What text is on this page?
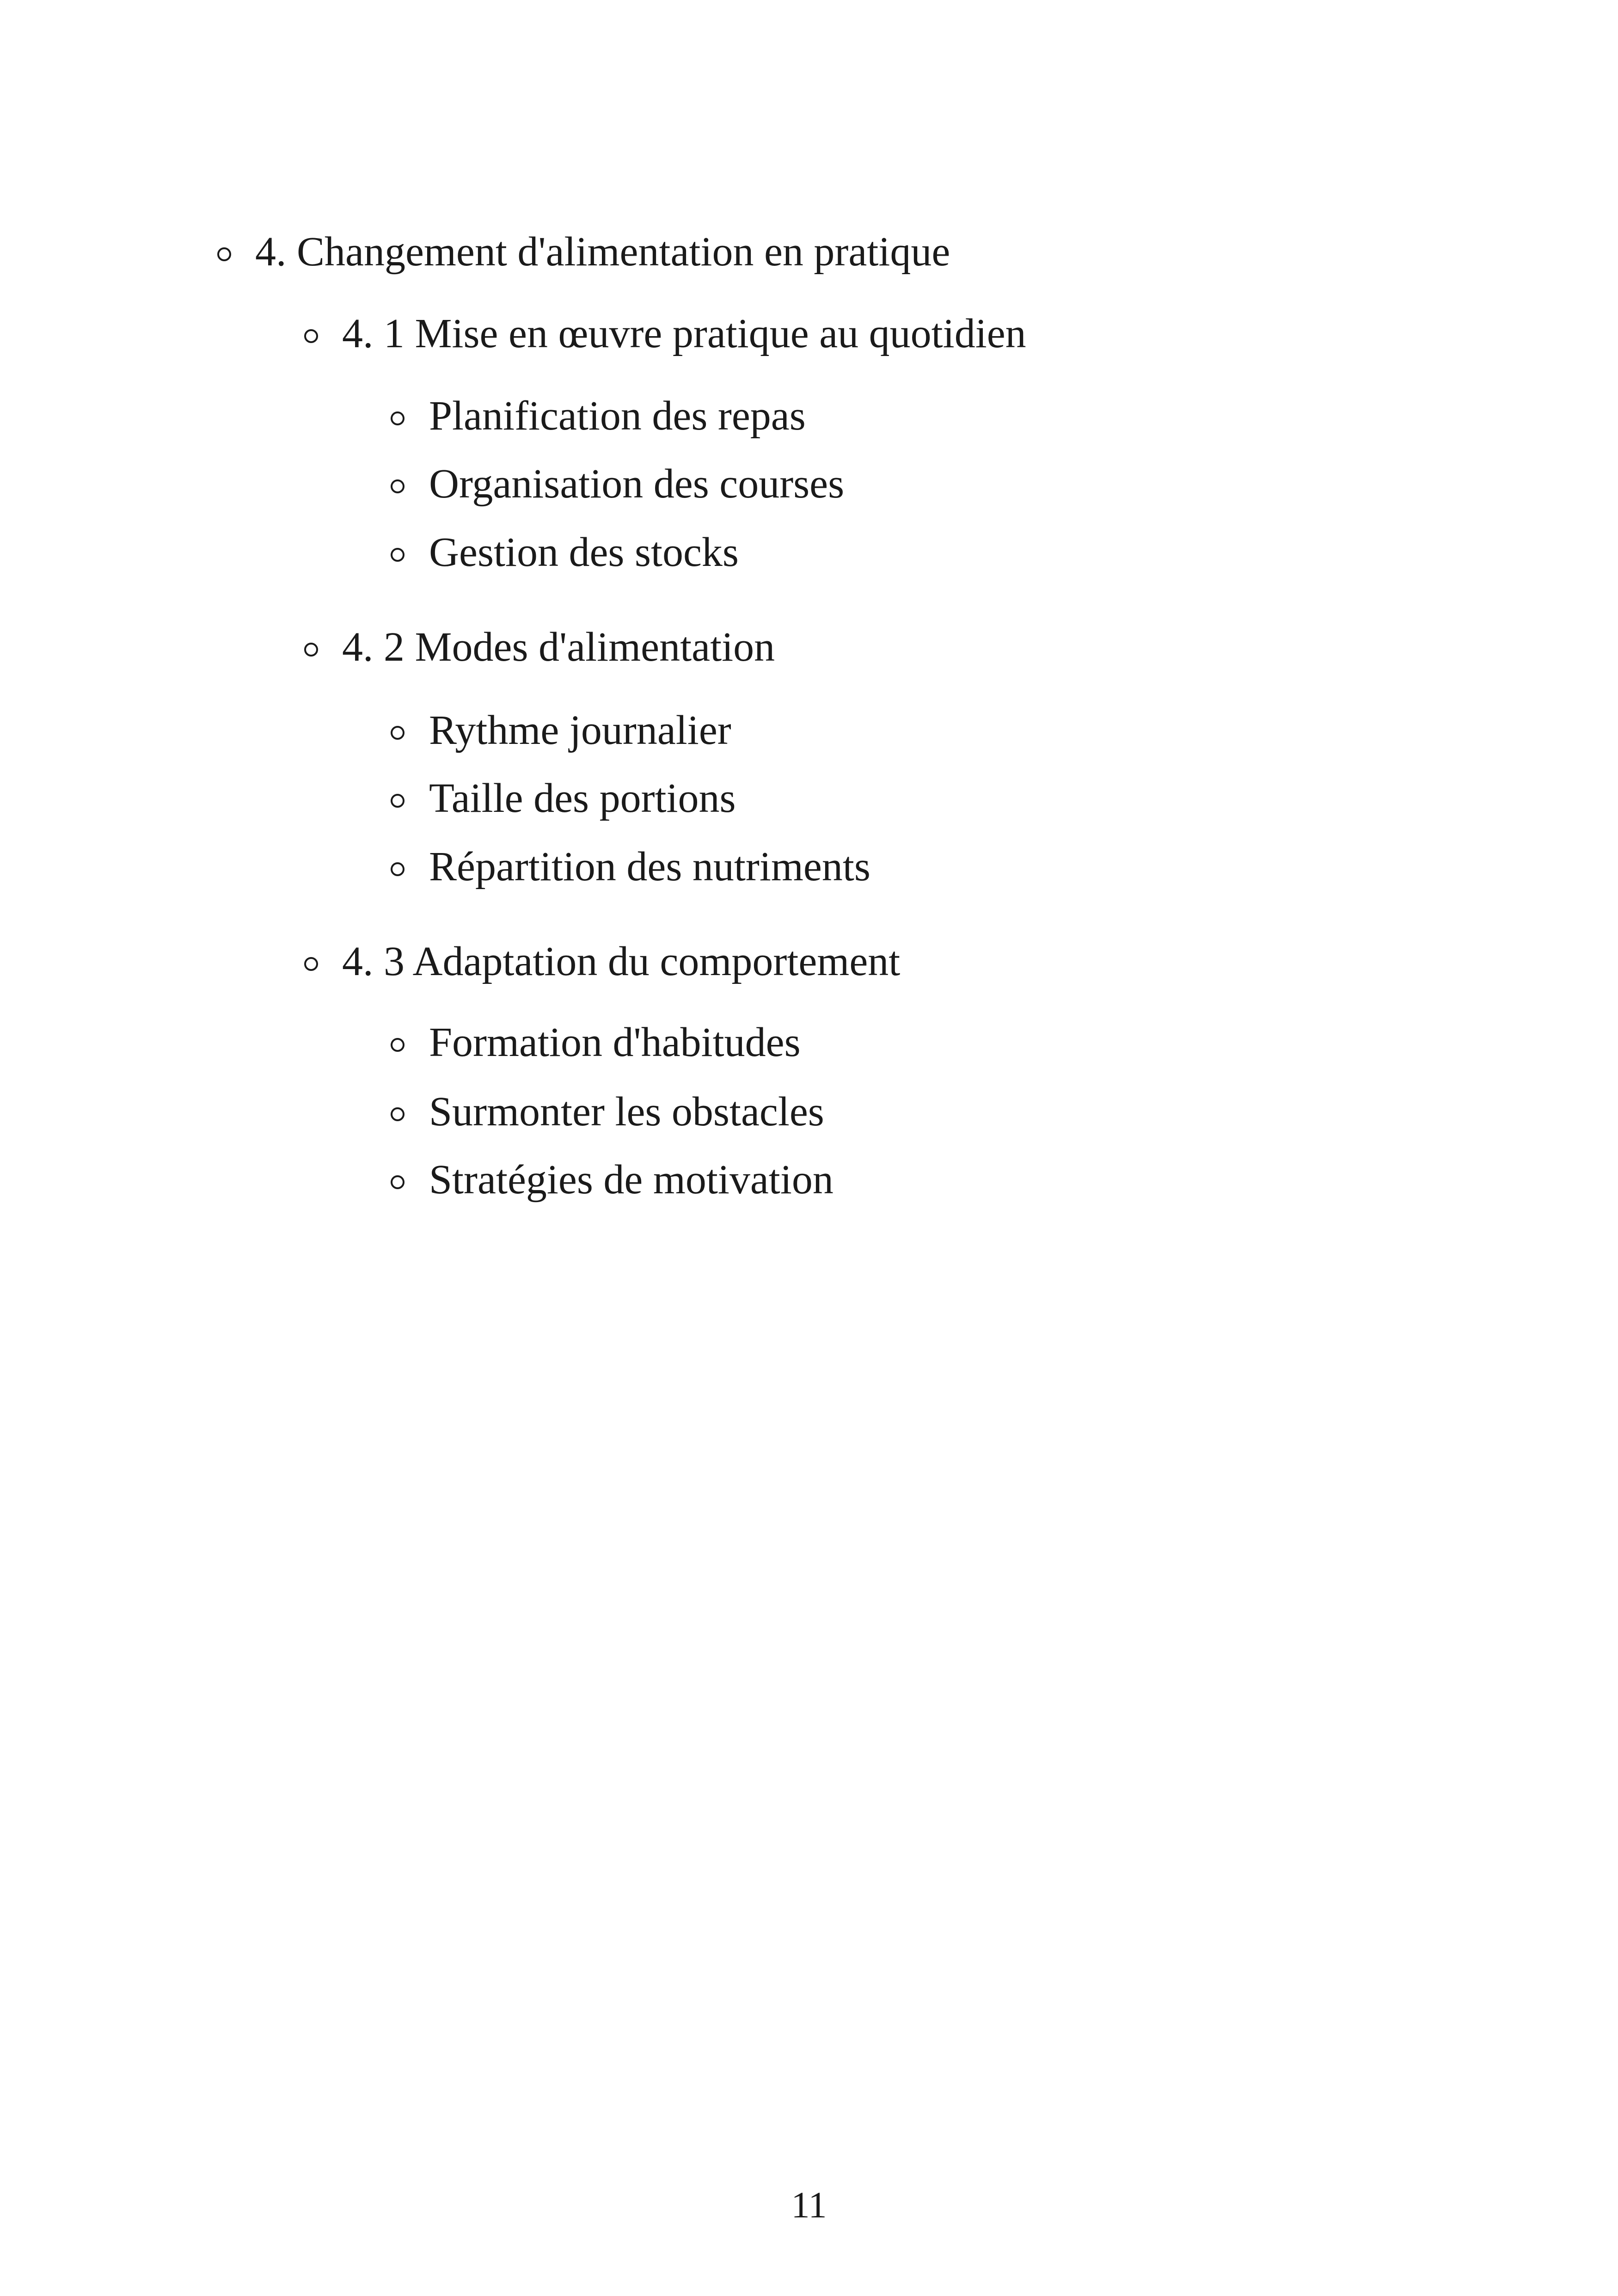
4. Changement d'alimentation en pratique
4. 1 Mise en œuvre pratique au quotidien
Planification des repas
Organisation des courses
Gestion des stocks
4. 2 Modes d'alimentation
Rythme journalier
Taille des portions
Répartition des nutriments
4. 3 Adaptation du comportement
Formation d'habitudes
Surmonter les obstacles
Stratégies de motivation
11
